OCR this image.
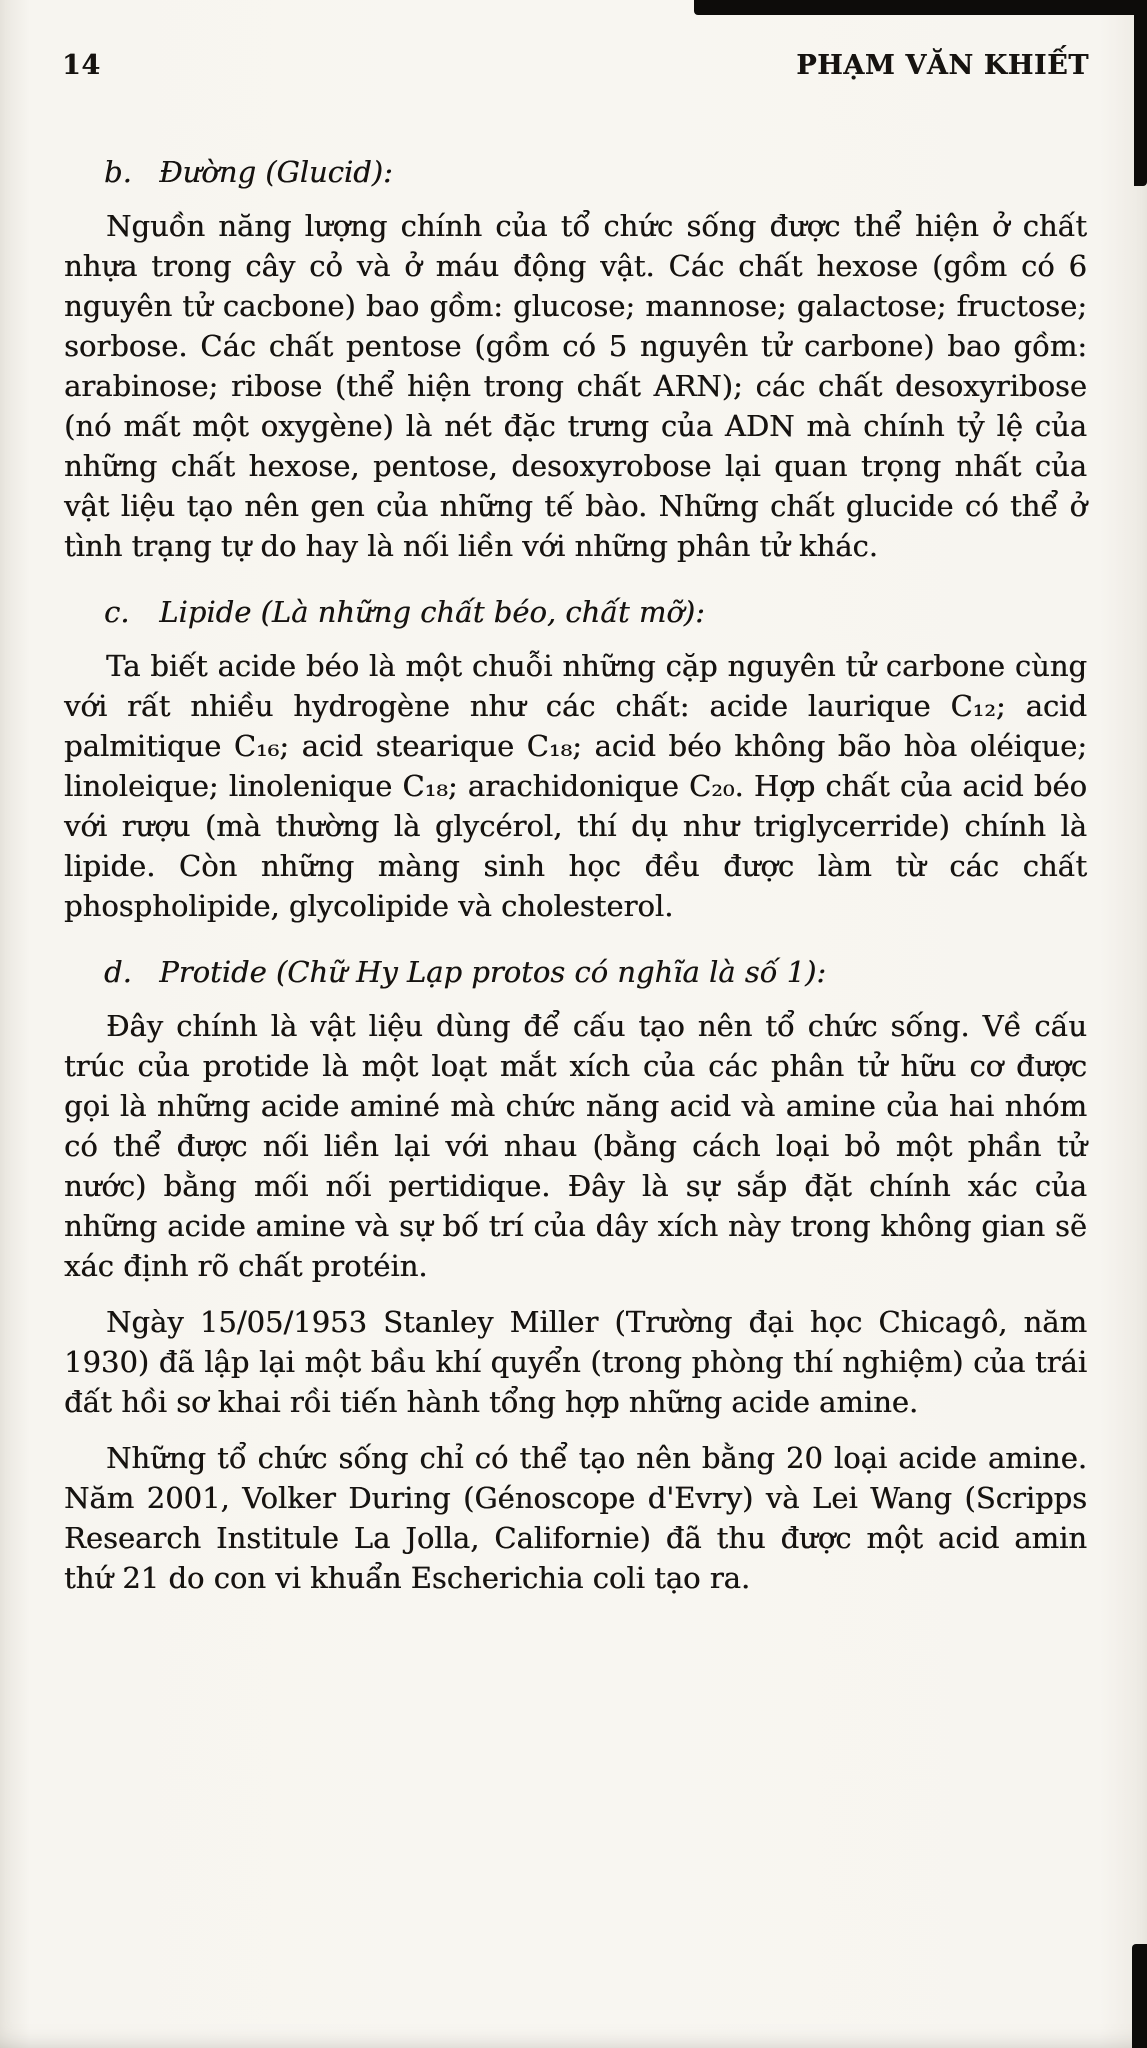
14	PHẠM VĂN KHIẾT
b. Đường (Glucid):

Nguồn năng lượng chính của tổ chức sống được thể hiện ở chất nhựa trong cây cỏ và ở máu động vật. Các chất hexose (gồm có 6 nguyên tử cacbone) bao gồm: glucose; mannose; galactose; fructose; sorbose. Các chất pentose (gồm có 5 nguyên tử carbone) bao gồm: arabinose; ribose (thể hiện trong chất ARN); các chất desoxyribose (nó mất một oxygène) là nét đặc trưng của ADN mà chính tỷ lệ của những chất hexose, pentose, desoxyrobose lại quan trọng nhất của vật liệu tạo nên gen của những tế bào. Những chất glucide có thể ở tình trạng tự do hay là nối liền với những phân tử khác.

c. Lipide (Là những chất béo, chất mỡ):

Ta biết acide béo là một chuỗi những cặp nguyên tử carbone cùng với rất nhiều hydrogène như các chất: acide laurique C₁₂; acid palmitique C₁₆; acid stearique C₁₈; acid béo không bão hòa oléique; linoleique; linolenique C₁₈; arachidonique C₂₀. Hợp chất của acid béo với rượu (mà thường là glycérol, thí dụ như triglycerride) chính là lipide. Còn những màng sinh học đều được làm từ các chất phospholipide, glycolipide và cholesterol.

d. Protide (Chữ Hy Lạp protos có nghĩa là số 1):

Đây chính là vật liệu dùng để cấu tạo nên tổ chức sống. Về cấu trúc của protide là một loạt mắt xích của các phân tử hữu cơ được gọi là những acide aminé mà chức năng acid và amine của hai nhóm có thể được nối liền lại với nhau (bằng cách loại bỏ một phần tử nước) bằng mối nối pertidique. Đây là sự sắp đặt chính xác của những acide amine và sự bố trí của dây xích này trong không gian sẽ xác định rõ chất protéin.

Ngày 15/05/1953 Stanley Miller (Trường đại học Chicagô, năm 1930) đã lập lại một bầu khí quyển (trong phòng thí nghiệm) của trái đất hồi sơ khai rồi tiến hành tổng hợp những acide amine.

Những tổ chức sống chỉ có thể tạo nên bằng 20 loại acide amine. Năm 2001, Volker During (Génoscope d'Evry) và Lei Wang (Scripps Research Institule La Jolla, Californie) đã thu được một acid amin thứ 21 do con vi khuẩn Escherichia coli tạo ra.
